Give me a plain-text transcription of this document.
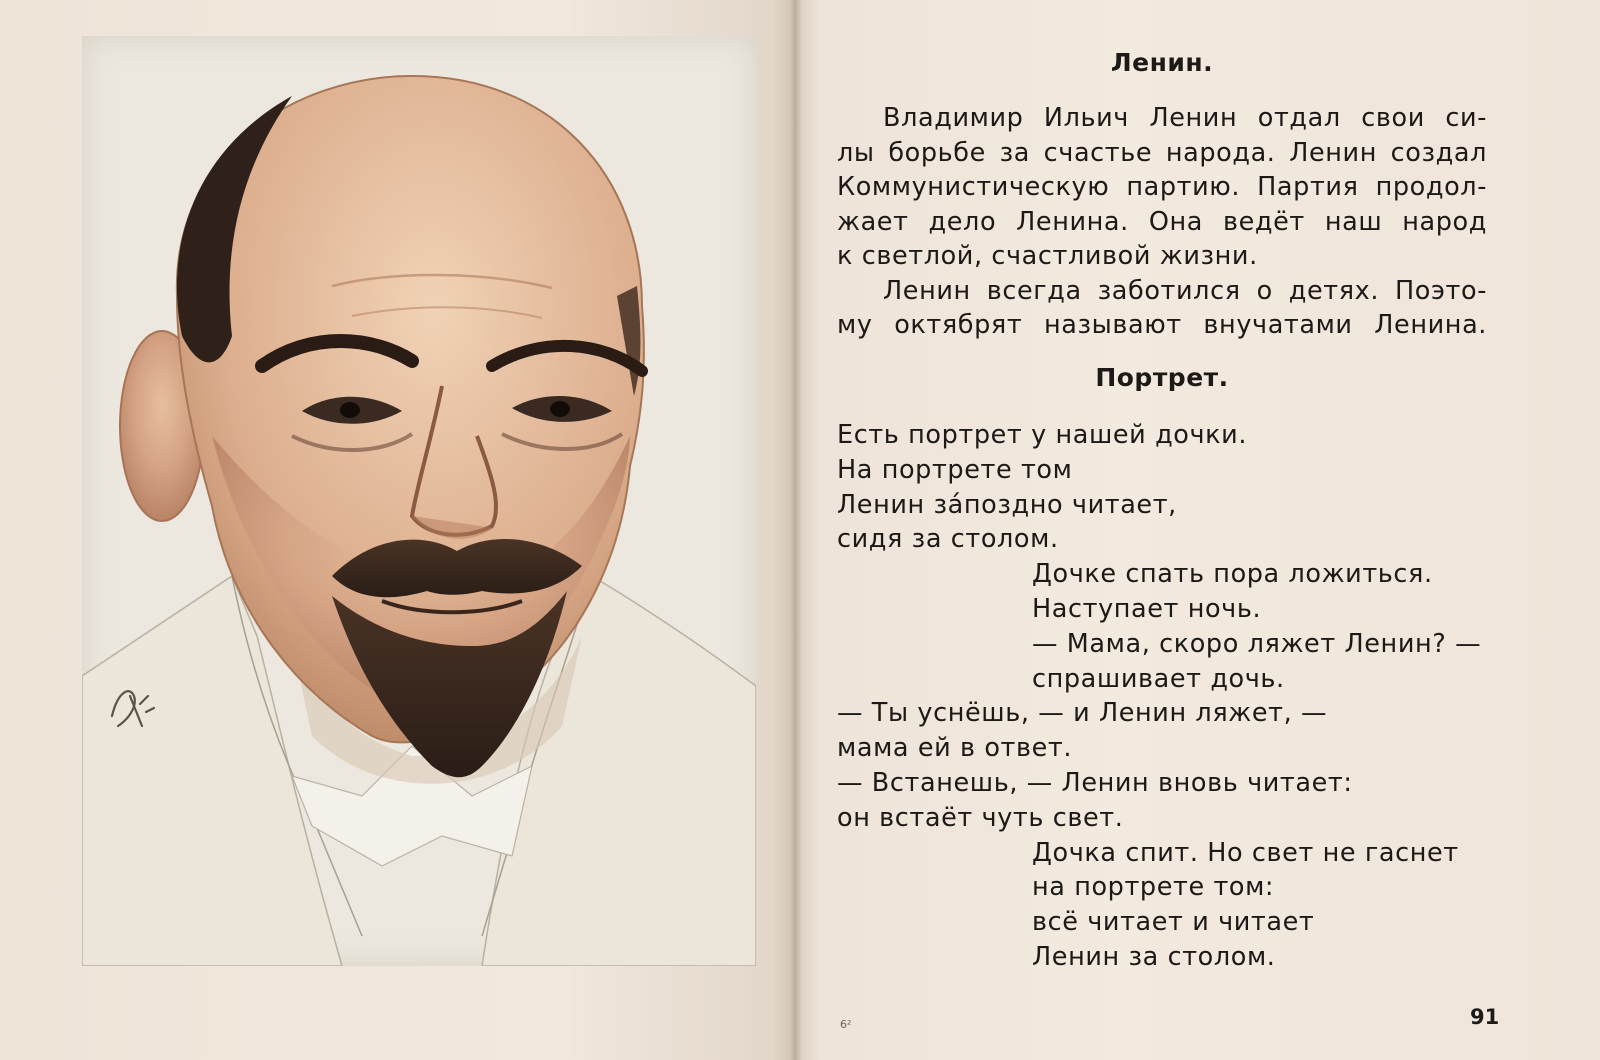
Ленин.

Владимир Ильич Ленин отдал свои си-

лы борьбе за счастье народа. Ленин создал

Коммунистическую партию. Партия продол-

жает дело Ленина. Она ведёт наш народ

к светлой, счастливой жизни.

Ленин всегда заботился о детях. Поэто-

му октябрят называют внучатами Ленина.

Портрет.
Есть портрет у нашей дочки.
На портрете том
Ленин зáпоздно читает,
сидя за столом.
Дочке спать пора ложиться.
Наступает ночь.
— Мама, скоро ляжет Ленин? —
спрашивает дочь.
— Ты уснёшь, — и Ленин ляжет, —
мама ей в ответ.
— Встанешь, — Ленин вновь читает:
он встаёт чуть свет.
Дочка спит. Но свет не гаснет
на портрете том:
всё читает и читает
Ленин за столом.
6²	91
